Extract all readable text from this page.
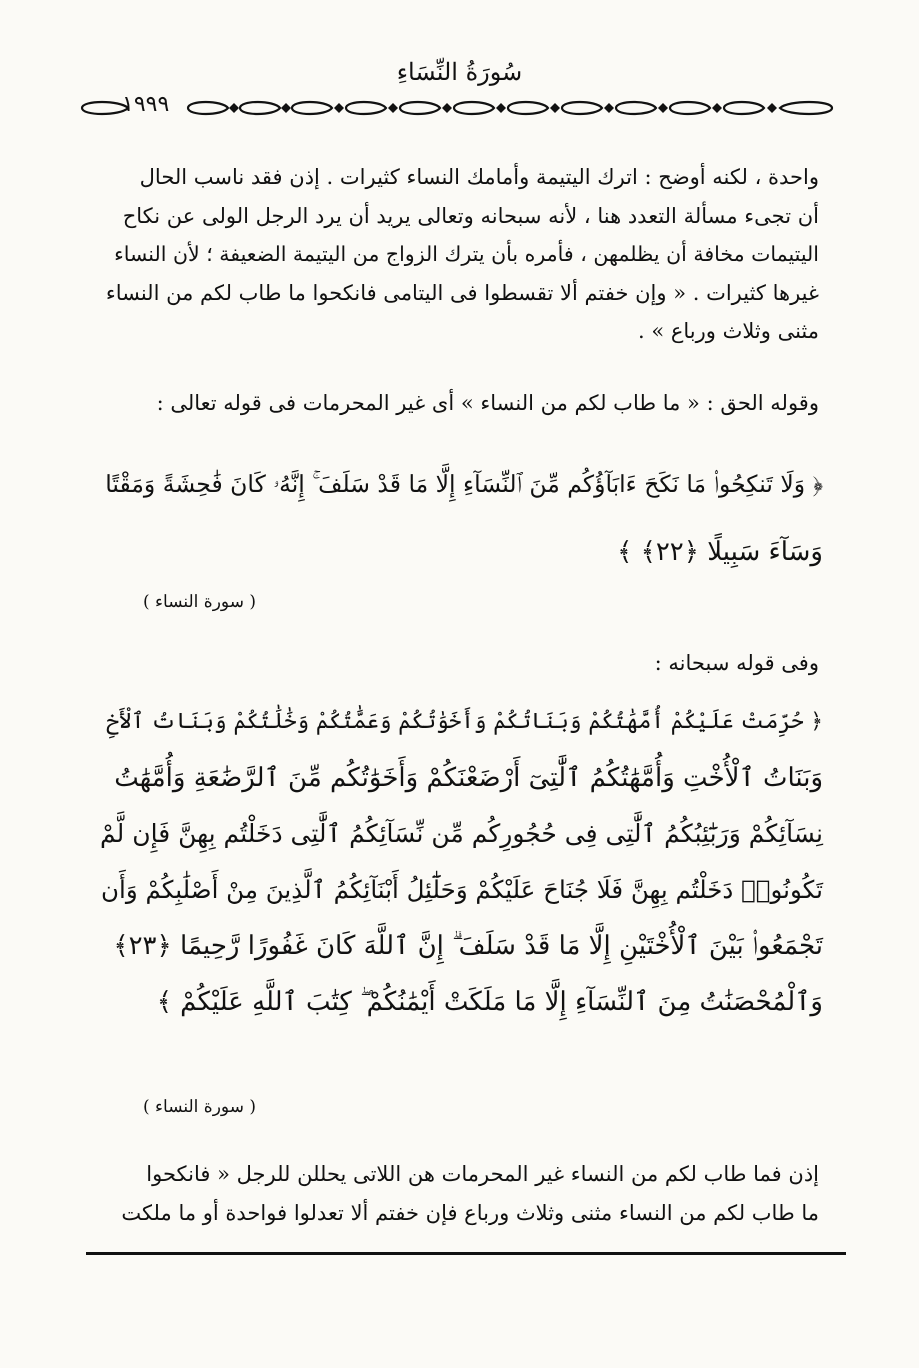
سُورَةُ النِّسَاءِ
١٩٩٩
واحدة ، لكنه أوضح : اترك اليتيمة وأمامك النساء كثيرات . إذن فقد ناسب الحال
أن تجىء مسألة التعدد هنا ، لأنه سبحانه وتعالى يريد أن يرد الرجل الولى عن نكاح
اليتيمات مخافة أن يظلمهن ، فأمره بأن يترك الزواج من اليتيمة الضعيفة ؛ لأن النساء
غيرها كثيرات . « وإن خفتم ألا تقسطوا فى اليتامى فانكحوا ما طاب لكم من النساء
مثنى وثلاث ورباع » .
وقوله الحق : « ما طاب لكم من النساء » أى غير المحرمات فى قوله تعالى :
﴿ وَلَا تَنكِحُوا۟ مَا نَكَحَ ءَابَآؤُكُم مِّنَ ٱلنِّسَآءِ إِلَّا مَا قَدْ سَلَفَ ۚ إِنَّهُۥ كَانَ فَٰحِشَةً وَمَقْتًا
وَسَآءَ سَبِيلًا ﴿٢٢﴾ ﴾
( سورة النساء )
وفى قوله سبحانه :
﴿ حُرِّمَتْ عَلَيْكُمْ أُمَّهَٰتُكُمْ وَبَنَاتُكُمْ وَأَخَوَٰتُكُمْ وَعَمَّٰتُكُمْ وَخَٰلَٰتُكُمْ وَبَنَاتُ ٱلْأَخِ
وَبَنَاتُ ٱلْأُخْتِ وَأُمَّهَٰتُكُمُ ٱلَّٰتِىٓ أَرْضَعْنَكُمْ وَأَخَوَٰتُكُم مِّنَ ٱلرَّضَٰعَةِ وَأُمَّهَٰتُ
نِسَآئِكُمْ وَرَبَٰٓئِبُكُمُ ٱلَّٰتِى فِى حُجُورِكُم مِّن نِّسَآئِكُمُ ٱلَّٰتِى دَخَلْتُم بِهِنَّ فَإِن لَّمْ
تَكُونُوا۟ دَخَلْتُم بِهِنَّ فَلَا جُنَاحَ عَلَيْكُمْ وَحَلَٰٓئِلُ أَبْنَآئِكُمُ ٱلَّذِينَ مِنْ أَصْلَٰبِكُمْ وَأَن
تَجْمَعُوا۟ بَيْنَ ٱلْأُخْتَيْنِ إِلَّا مَا قَدْ سَلَفَ ۗ إِنَّ ٱللَّهَ كَانَ غَفُورًا رَّحِيمًا ﴿٢٣﴾
وَٱلْمُحْصَنَٰتُ مِنَ ٱلنِّسَآءِ إِلَّا مَا مَلَكَتْ أَيْمَٰنُكُمْ ۖ كِتَٰبَ ٱللَّهِ عَلَيْكُمْ ﴾
( سورة النساء )
إذن فما طاب لكم من النساء غير المحرمات هن اللاتى يحللن للرجل « فانكحوا
ما طاب لكم من النساء مثنى وثلاث ورباع فإن خفتم ألا تعدلوا فواحدة أو ما ملكت
